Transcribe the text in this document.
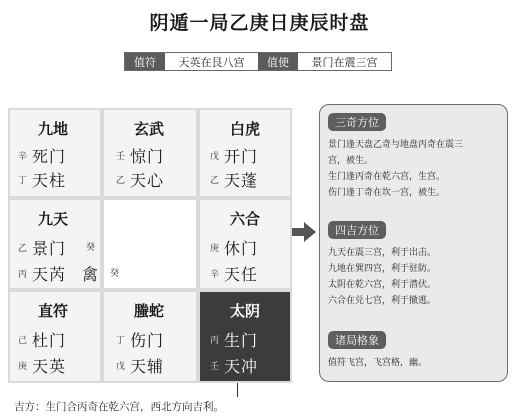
阴遁一局乙庚日庚辰时盘
值符	天英在艮八宫	值使	景门在震三宫
九地
辛 死门
丁 天柱
玄武
壬 惊门
乙 天心
白虎
戊 开门
乙 天蓬
九天
乙 景门 癸
丙 天芮 禽 癸
六合
庚 休门
辛 天任
直符
己 杜门
庚 天英
螣蛇
丁 伤门
戊 天辅
太阴
丙 生门
壬 天冲
三奇方位
景门逢天盘乙奇与地盘丙奇在震三
宫，被生。
生门逢丙奇在乾六宫，生宫。
伤门逢丁奇在坎一宫，被生。
四吉方位
九天在震三宫，利于出击。
九地在巽四宫，利于驻防。
太阴在乾六宫，利于潜伏。
六合在兑七宫，利于撤逃。
诸局格象
值符飞宫，飞宫格，幽。
吉方：生门合丙奇在乾六宫，西北方向吉利。
